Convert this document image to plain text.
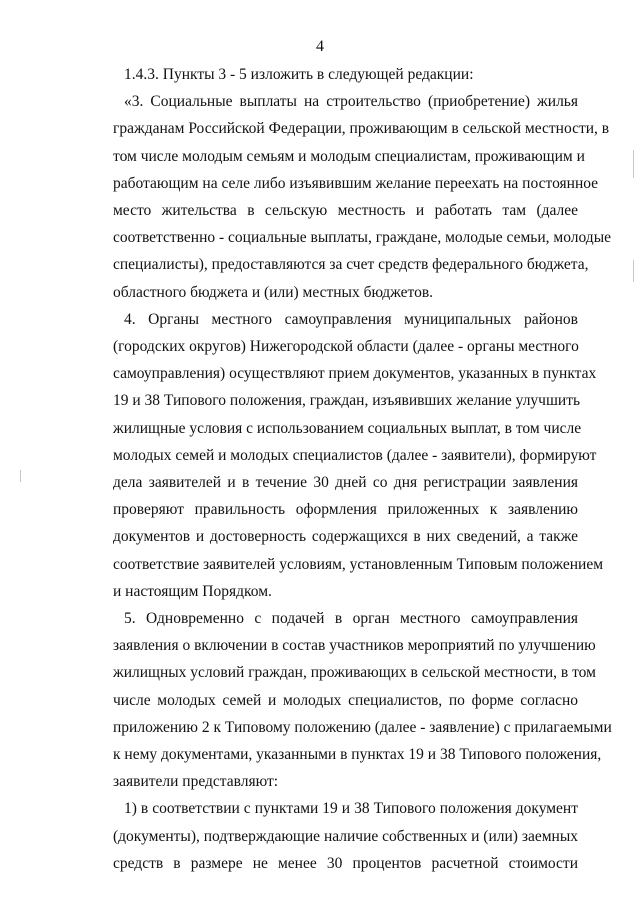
4
1.4.3. Пункты 3 - 5 изложить в следующей редакции:
«3. Социальные выплаты на строительство (приобретение) жилья
гражданам Российской Федерации, проживающим в сельской местности, в
том числе молодым семьям и молодым специалистам, проживающим и
работающим на селе либо изъявившим желание переехать на постоянное
место жительства в сельскую местность и работать там (далее
соответственно - социальные выплаты, граждане, молодые семьи, молодые
специалисты), предоставляются за счет средств федерального бюджета,
областного бюджета и (или) местных бюджетов.
4. Органы местного самоуправления муниципальных районов
(городских округов) Нижегородской области (далее - органы местного
самоуправления) осуществляют прием документов, указанных в пунктах
19 и 38 Типового положения, граждан, изъявивших желание улучшить
жилищные условия с использованием социальных выплат, в том числе
молодых семей и молодых специалистов (далее - заявители), формируют
дела заявителей и в течение 30 дней со дня регистрации заявления
проверяют правильность оформления приложенных к заявлению
документов и достоверность содержащихся в них сведений, а также
соответствие заявителей условиям, установленным Типовым положением
и настоящим Порядком.
5. Одновременно с подачей в орган местного самоуправления
заявления о включении в состав участников мероприятий по улучшению
жилищных условий граждан, проживающих в сельской местности, в том
числе молодых семей и молодых специалистов, по форме согласно
приложению 2 к Типовому положению (далее - заявление) с прилагаемыми
к нему документами, указанными в пунктах 19 и 38 Типового положения,
заявители представляют:
1) в соответствии с пунктами 19 и 38 Типового положения документ
(документы), подтверждающие наличие собственных и (или) заемных
средств в размере не менее 30 процентов расчетной стоимости
